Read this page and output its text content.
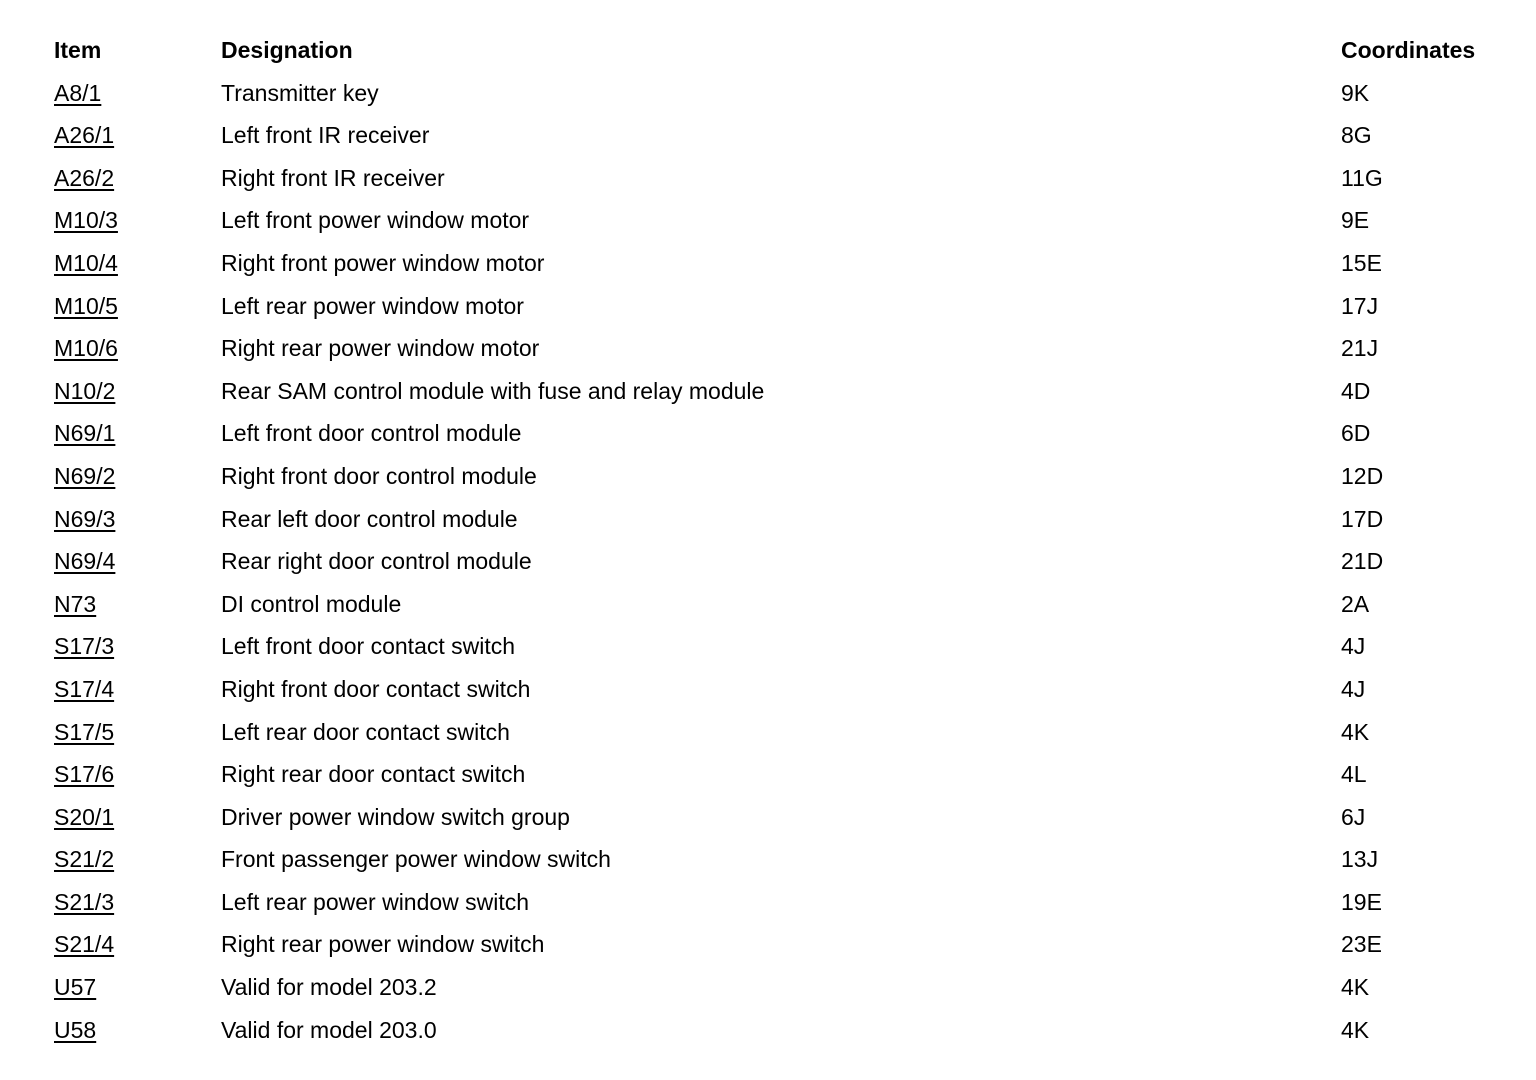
Item	Designation	Coordinates
A8/1	Transmitter key	9K
A26/1	Left front IR receiver	8G
A26/2	Right front IR receiver	11G
M10/3	Left front power window motor	9E
M10/4	Right front power window motor	15E
M10/5	Left rear power window motor	17J
M10/6	Right rear power window motor	21J
N10/2	Rear SAM control module with fuse and relay module	4D
N69/1	Left front door control module	6D
N69/2	Right front door control module	12D
N69/3	Rear left door control module	17D
N69/4	Rear right door control module	21D
N73	DI control module	2A
S17/3	Left front door contact switch	4J
S17/4	Right front door contact switch	4J
S17/5	Left rear door contact switch	4K
S17/6	Right rear door contact switch	4L
S20/1	Driver power window switch group	6J
S21/2	Front passenger power window switch	13J
S21/3	Left rear power window switch	19E
S21/4	Right rear power window switch	23E
U57	Valid for model 203.2	4K
U58	Valid for model 203.0	4K
